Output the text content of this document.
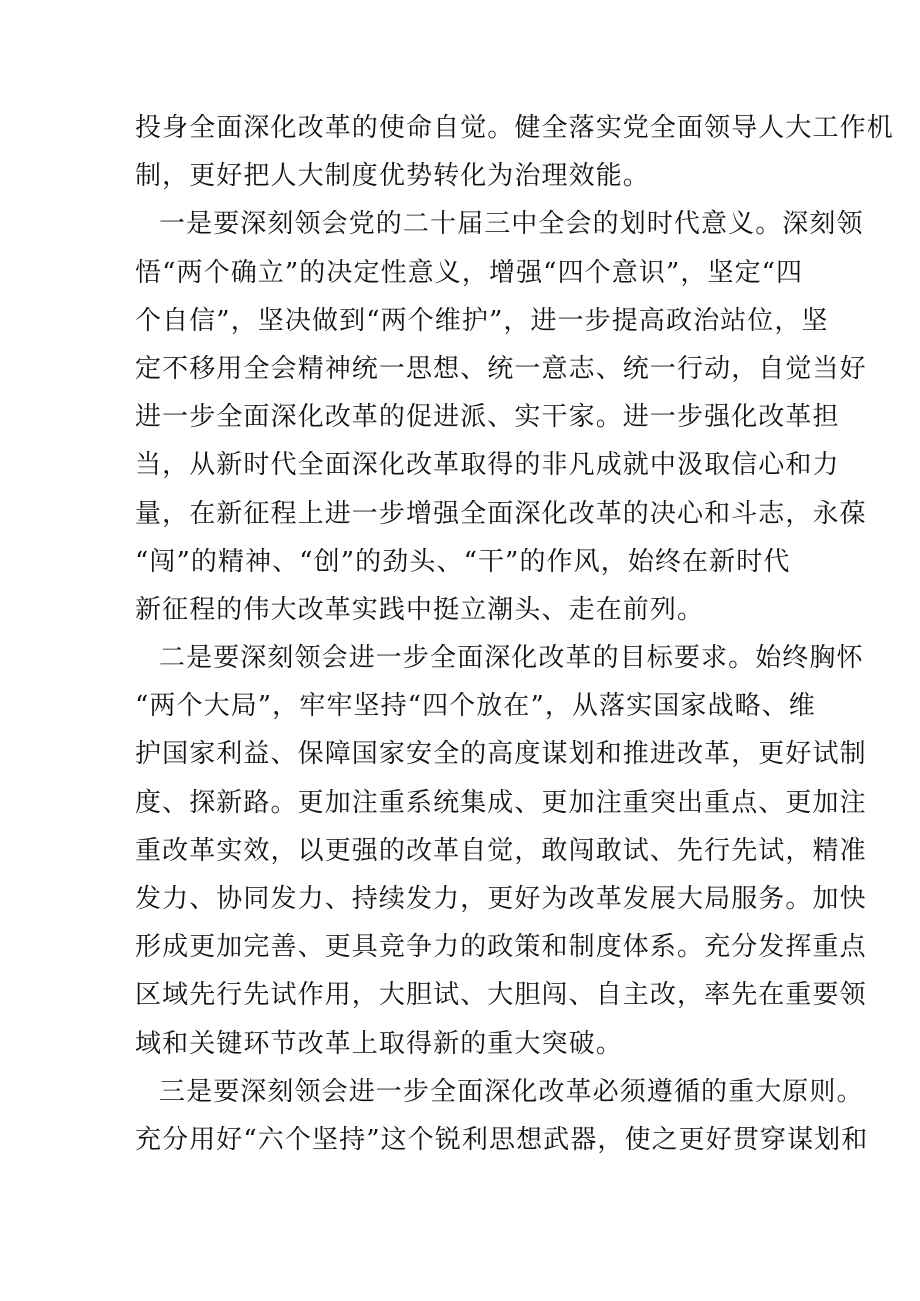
投身全面深化改革的使命自觉。健全落实党全面领导人大工作机
制，更好把人大制度优势转化为治理效能。
一是要深刻领会党的二十届三中全会的划时代意义。深刻领
悟“两个确立”的决定性意义，增强“四个意识”，坚定“四
个自信”，坚决做到“两个维护”，进一步提高政治站位，坚
定不移用全会精神统一思想、统一意志、统一行动，自觉当好
进一步全面深化改革的促进派、实干家。进一步强化改革担
当，从新时代全面深化改革取得的非凡成就中汲取信心和力
量，在新征程上进一步增强全面深化改革的决心和斗志，永葆
“闯”的精神、“创”的劲头、“干”的作风，始终在新时代
新征程的伟大改革实践中挺立潮头、走在前列。
二是要深刻领会进一步全面深化改革的目标要求。始终胸怀
“两个大局”，牢牢坚持“四个放在”，从落实国家战略、维
护国家利益、保障国家安全的高度谋划和推进改革，更好试制
度、探新路。更加注重系统集成、更加注重突出重点、更加注
重改革实效，以更强的改革自觉，敢闯敢试、先行先试，精准
发力、协同发力、持续发力，更好为改革发展大局服务。加快
形成更加完善、更具竞争力的政策和制度体系。充分发挥重点
区域先行先试作用，大胆试、大胆闯、自主改，率先在重要领
域和关键环节改革上取得新的重大突破。
三是要深刻领会进一步全面深化改革必须遵循的重大原则。
充分用好“六个坚持”这个锐利思想武器，使之更好贯穿谋划和
